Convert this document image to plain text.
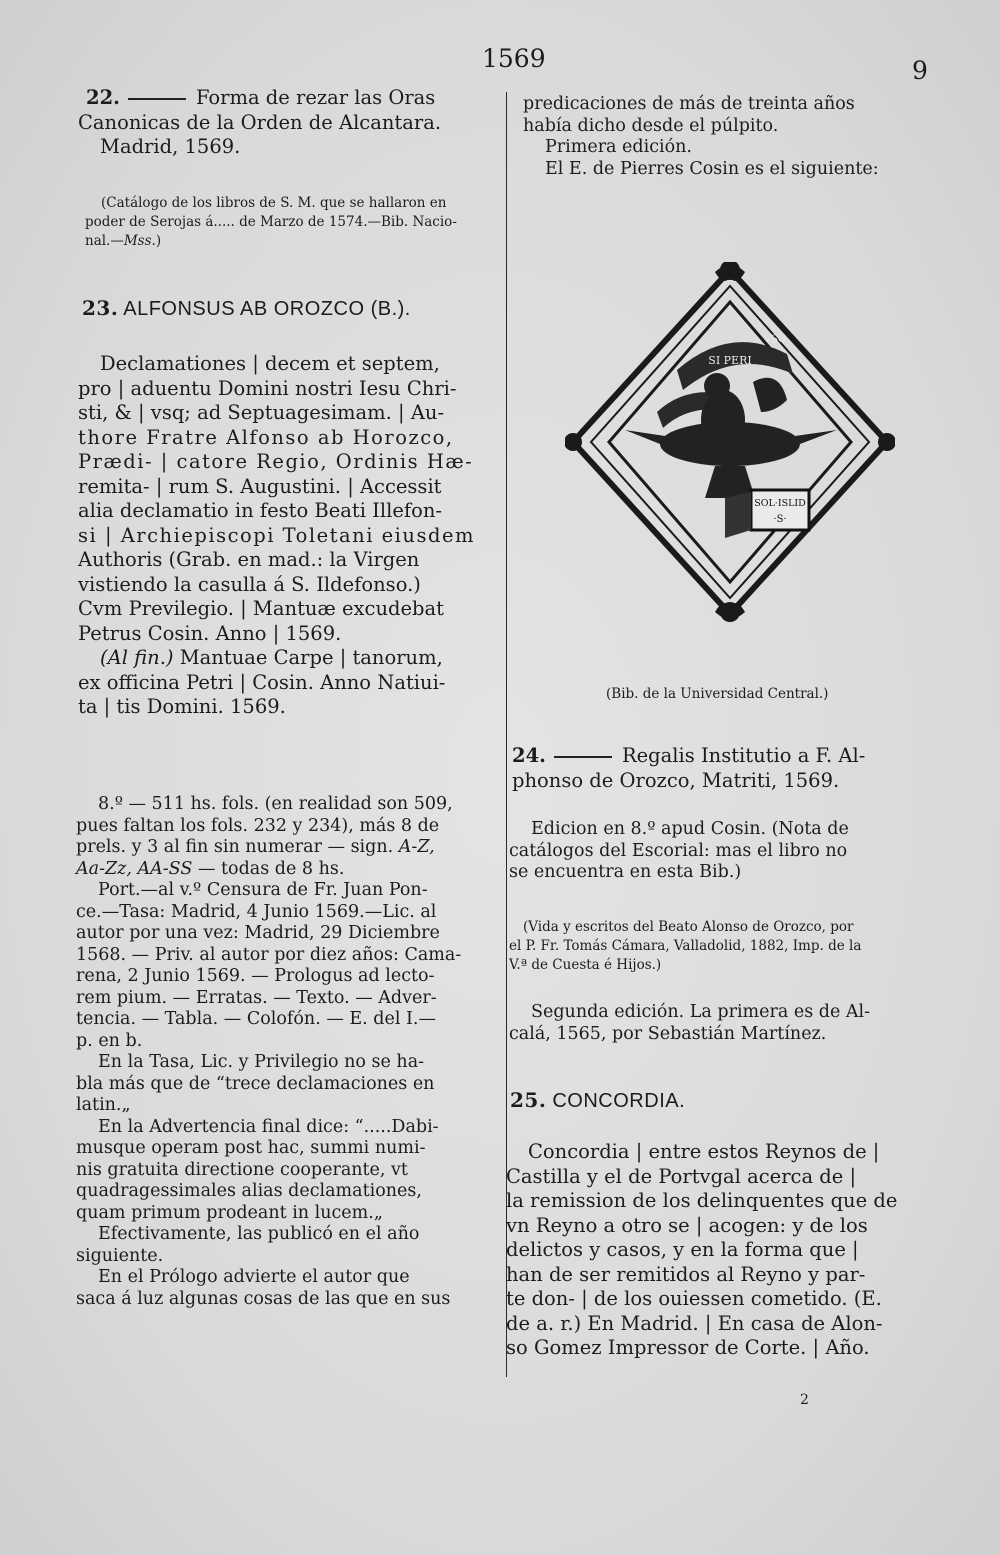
1569	9
2

22.	Forma de rezar las Oras

Canonicas de la Orden de Alcantara.

Madrid, 1569.

(Catálogo de los libros de S. M. que se hallaron en

poder de Serojas á..... de Marzo de 1574.—Bib. Nacio-

nal.—Mss.)

23. ALFONSUS AB OROZCO (B.).

Declamationes | decem et septem,

pro | aduentu Domini nostri Iesu Chri-

sti, & | vsq; ad Septuagesimam. | Au-

thore Fratre Alfonso ab Horozco,

Prædi- | catore Regio, Ordinis Hæ-

remita- | rum S. Augustini. | Accessit

alia declamatio in festo Beati Illefon-

si | Archiepiscopi Toletani eiusdem

Authoris (Grab. en mad.: la Virgen

vistiendo la casulla á S. Ildefonso.)

Cvm Previlegio. | Mantuæ excudebat

Petrus Cosin. Anno | 1569.

(Al fin.) Mantuae Carpe | tanorum,

ex officina Petri | Cosin. Anno Natiui-

ta | tis Domini. 1569.

8.º — 511 hs. fols. (en realidad son 509,

pues faltan los fols. 232 y 234), más 8 de

prels. y 3 al fin sin numerar — sign. A-Z,

Aa-Zz, AA-SS — todas de 8 hs.

Port.—al v.º Censura de Fr. Juan Pon-

ce.—Tasa: Madrid, 4 Junio 1569.—Lic. al

autor por una vez: Madrid, 29 Diciembre

1568. — Priv. al autor por diez años: Cama-

rena, 2 Junio 1569. — Prologus ad lecto-

rem pium. — Erratas. — Texto. — Adver-

tencia. — Tabla. — Colofón. — E. del I.—

p. en b.

En la Tasa, Lic. y Privilegio no se ha-

bla más que de “trece declamaciones en

latin.„

En la Advertencia final dice: “.....Dabi-

musque operam post hac, summi numi-

nis gratuita directione cooperante, vt

quadragessimales alias declamationes,

quam primum prodeant in lucem.„

Efectivamente, las publicó en el año

siguiente.

En el Prólogo advierte el autor que

saca á luz algunas cosas de las que en sus

predicaciones de más de treinta años

había dicho desde el púlpito.

Primera edición.

El E. de Pierres Cosin es el siguiente:

SI PERI
VSQ
SOL·ISLID
·S·
(Bib. de la Universidad Central.)

24.	Regalis Institutio a F. Al-

phonso de Orozco, Matriti, 1569.

Edicion en 8.º apud Cosin. (Nota de

catálogos del Escorial: mas el libro no

se encuentra en esta Bib.)

(Vida y escritos del Beato Alonso de Orozco, por

el P. Fr. Tomás Cámara, Valladolid, 1882, Imp. de la

V.ª de Cuesta é Hijos.)

Segunda edición. La primera es de Al-

calá, 1565, por Sebastián Martínez.

25. CONCORDIA.

Concordia | entre estos Reynos de |

Castilla y el de Portvgal acerca de |

la remission de los delinquentes que de

vn Reyno a otro se | acogen: y de los

delictos y casos, y en la forma que |

han de ser remitidos al Reyno y par-

te don- | de los ouiessen cometido. (E.

de a. r.) En Madrid. | En casa de Alon-

so Gomez Impressor de Corte. | Año.
